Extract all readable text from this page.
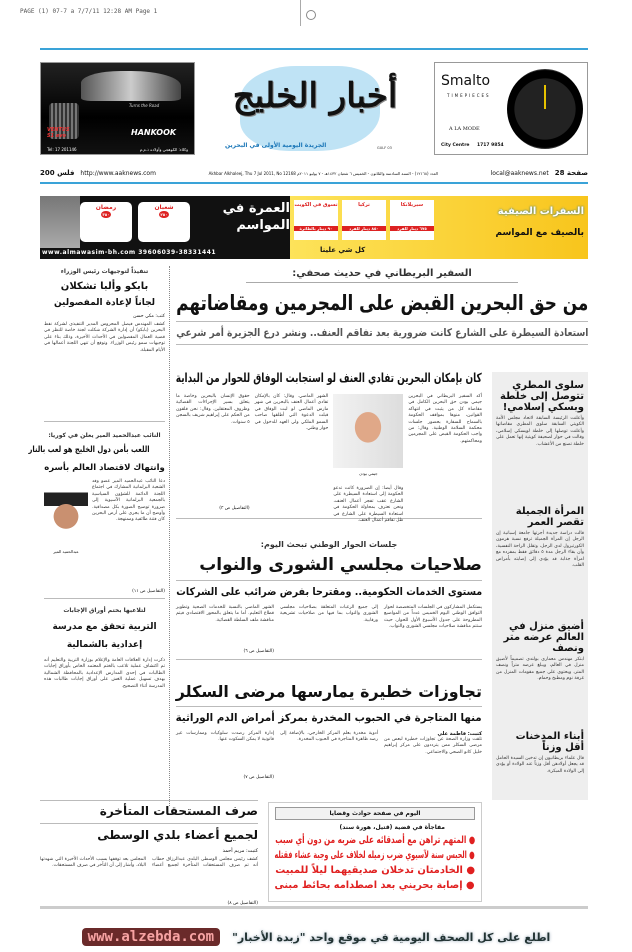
PAGE (1) 07-7 a 7/7/11 12:28 AM Page 1
Turns the Road
VENTUS S1 evo	HANKOOK
Tel: 17 201146	وكلاء: الكوهجي وأولاده ذ.م.م
أخبار الخليج
الجريدة اليومية الأولى في البحرين	GULF 03
Smalto
TIMEPIECES
A LA MODE
City Centre 1717 9854
200 فلس http://www.aaknews.com	Akhbar Alkhaleej, Thu 7 Jul 2011, No 12168 العدد (١٢١٦٨) - السنة السادسة والثلاثون - الخميس ٦ شعبان ١٤٣٢هـ - ٧ يوليو ٢٠١١م	local@aaknews.net 28 صفحة
رمضان
٣٥٠
شعبان
٢٥٠	العمرة في المواسم
www.almawasim-bh.com 39606039-38331441
السفرات الصيفية
بالصيف مع المواسم
كل شي علينا
سيريلانكا
٦٧٥ دينار للفرد
تركيا
٨٥٠ دينار للفرد
تسوق في الكويت
٩٠ دينار بالطائرة
تنفيذاً لتوجيهات رئيس الوزراء
بابكو وألبا تشكلان
لجاناً لإعادة المفصولين
كتب: مكي حسن
كشف المهندس فيصل المحروس المدير التنفيذي لشركة نفط البحرين (بابكو) أن إدارة الشركة شكلت لجنة خاصة للنظر في قضية العمال المفصولين في الأحداث الأخيرة، وذلك بناء على توجيهات سمو رئيس الوزراء. وتوقع أن تنهي اللجنة أعمالها في الأيام المقبلة.
النائب عبدالحميد المير يعلن في كوريا:
اللعب بأمن دول الخليج هو لعب بالنار
وانتهاك لاقتصاد العالم بأسره
دعا النائب عبدالحميد المير عضو وفد الشعبة البرلمانية المشارك في اجتماع اللجنة الدائمة للشؤون السياسية بالجمعية البرلمانية الآسيوية إلى ضرورة توضيح الصورة بكل مصداقية. وأوضح أن ما يجري على أرض البحرين كان فتنة طائفية وممنهجة.
عبدالحميد المير
(التفاصيل ص ١١)
لتلاعبها بختم أوراق الإجابات
التربية تحقق مع مدرسة
إعدادية بالشمالية
ذكرت إدارة العلاقات العامة والإعلام بوزارة التربية والتعليم أنه تم اكتشاف عملية تلاعب بالختم المعتمد الخاص بأوراق إجابات الطالبات في إحدى المدارس الإعدادية بالمحافظة الشمالية بهدف تسهيل عملية الغش على أوراق إجابات طالبات هذه المدرسة أثناء التصحيح.
السفير البريطاني في حديث صحفي:
من حق البحرين القبض على المجرمين ومقاضاتهم
استعادة السيطرة على الشارع كانت ضرورية بعد تفاقم العنف.. ونشر درع الجزيرة أمر شرعي
كان بإمكان البحرين تفادي العنف لو استجابت الوفاق للحوار من البداية
أكد السفير البريطاني في البحرين جيمي بودن حق البحرين الكامل في مقاضاة كل من يثبت في انتهاكه القوانين، منوها بمواقف الحكومة بالسماح للسفارة بحضور جلسات محكمة السلامة الوطنية. وقال: من واجب الحكومة القبض على المجرمين ومحاكمتهم.
جيمي بودن
وقال أيضا: إن الضرورة كانت تدعو الحكومة إلى استعادة السيطرة على الشارع عقب تفجر أعمال العنف، ونحن نعترف بمحاولة الحكومة في استعادة السيطرة على الشارع في ظل تفاقم أعمال العنف.
الشهر الماضي. وقال: كان بالإمكان تفادي أعمال العنف بالبحرين في شهر مارس الماضي لو لبت الوفاق في قبلت الدعوة التي أطلقها صاحب السمو الملكي ولي العهد للدخول في حوار وطني.
حقوق الإنسان بالبحرين وخاصة ما يتعلق بسير الإجراءات القضائية وظروف المعتقلين. وقال: نحن قلقون من الحكم على إبراهيم شريف بالسجن ٥ سنوات.
(التفاصيل ص ٣)
سلوى المطري تتوصل إلى خلطة وبسكي إسلامي!
وأعلنت الرئيسة السابقة لاتحاد مجلس الأمة الكويتي السابقة سلوى المطري مقاضاتها وأعلنت توصلها إلى خلطة لويسكي إسلامي، وقالت في حوار لصحيفة كويتية إنها تعمل على خلطة تصنع من الأعشاب.
المرأة الجميلة تقصر العمر
قالت دراسة جديدة أجرتها جامعة إسبانية إن الرجل إن المرأة الجميلة ترفع نسبة هرمون الكورتيزول لدى الرجل، وتقلل الراحة النفسية، وأن بقاء الرجل مدة ٥ دقائق فقط بمفرده مع امرأة جذابة قد يؤدي إلى إصابته بأمراض القلب.
أضيق منزل في العالم عرضه متر ونصف
ابتكر مهندس معماري بولندي تصميماً لأضيق منزل في العالم، ويبلغ عرضه متراً ونصف المتر، ويحتوي على جميع مقومات المنزل من غرفة نوم ومطبخ وحمام.
أبناء المدخنات أقل وزناً
قال علماء بريطانيون إن تدخين السيدة الحامل قد يجعل أولادهن أقل وزناً عند الولادة أو يؤدي إلى الولادة المبكرة.
جلسات الحوار الوطني تبحث اليوم:
صلاحيات مجلسي الشورى والنواب
مستوى الخدمات الحكومية.. ومقترحا بفرض ضرائب على الشركات
يستكمل المشاركون في الجلسات المتخصصة لحوار التوافق الوطني اليوم الخميس عدداً من المواضيع المطروحة على جدول الأسبوع الأول للحوار، حيث ستتم مناقشة صلاحيات مجلسي الشورى والنواب.
إلى جميع الرغبات المتعلقة بصلاحيات مجلسي الشورى والنواب بما فيها من صلاحيات تشريعية ورقابية.
الشهر الماضي بالنسبة للخدمات الصحية وتطوير قطاع التعليم. أما ما يتعلق بالمحور الاقتصادي فيتم مناقشة ملف السلطة القضائية.
(التفاصيل ص ٦)
تجاوزات خطيرة يمارسها مرضى السكلر
منها المتاجرة في الحبوب المخدرة بمركز أمراض الدم الوراثية
كتبت: فاطمة علي
تلقت وزارة الصحة عن تجاوزات خطيرة لبعض من مرضى السكلر ممن يترددون على مركز إبراهيم خليل كانو الصحي والاجتماعي.
أدوية مخدرة بعلم المركز الخارجي، بالإضافة إلى رصد ظاهرة المتاجرة في الحبوب المخدرة.
إدارة المركز رصدت سلوكيات وممارسات غير قانونية لا يمكن السكوت عنها.
(التفاصيل ص ٧)
صرف المستحقات المتأخرة
لجميع أعضاء بلدي الوسطى
كتبت: مريم أحمد
كشف رئيس مجلس الوسطى البلدي عبدالرزاق حطاب أنه تم صرف المستحقات المتأخرة لجميع أعضاء المجلس بعد توقفها بسبب الأحداث الأخيرة التي شهدتها البلاد. وأشار إلى أن التأخر في صرف المستحقات.
(التفاصيل ص ٨)
اليوم في صفحة حوادث وقضايا
مفاجأة في قضية (قتيل، هورة سند)
● المتهم تراهن مع أصدقائه على ضربه من دون أي سبب
● الحبس سنة لآسيوي ضرب زميله لخلاف على وجبة عشاء فقتله
● الخادمتان تدخلان صديقيهما ليلاً للمبيت
● إصابة بحريني بعد اصطدامه بحائط مبنى
www.alzebda.com	اطلع على كل الصحف اليومية في موقع واحد "زبدة الأخبار"
